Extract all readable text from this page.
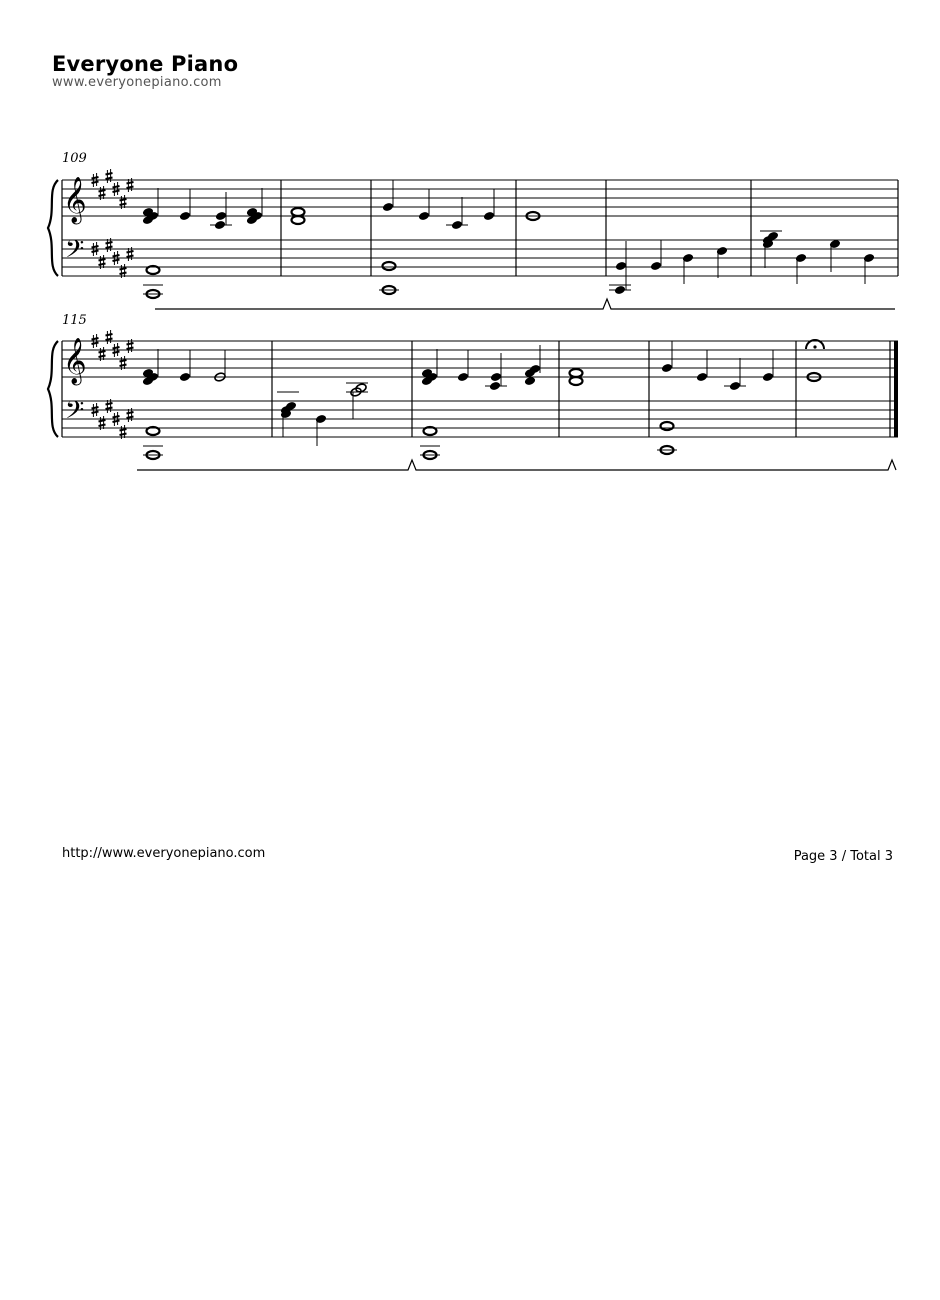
Everyone Piano
www.everyonepiano.com
109
𝄞
𝄢
115
𝄞
𝄢
http://www.everyonepiano.com	Page 3 / Total 3
